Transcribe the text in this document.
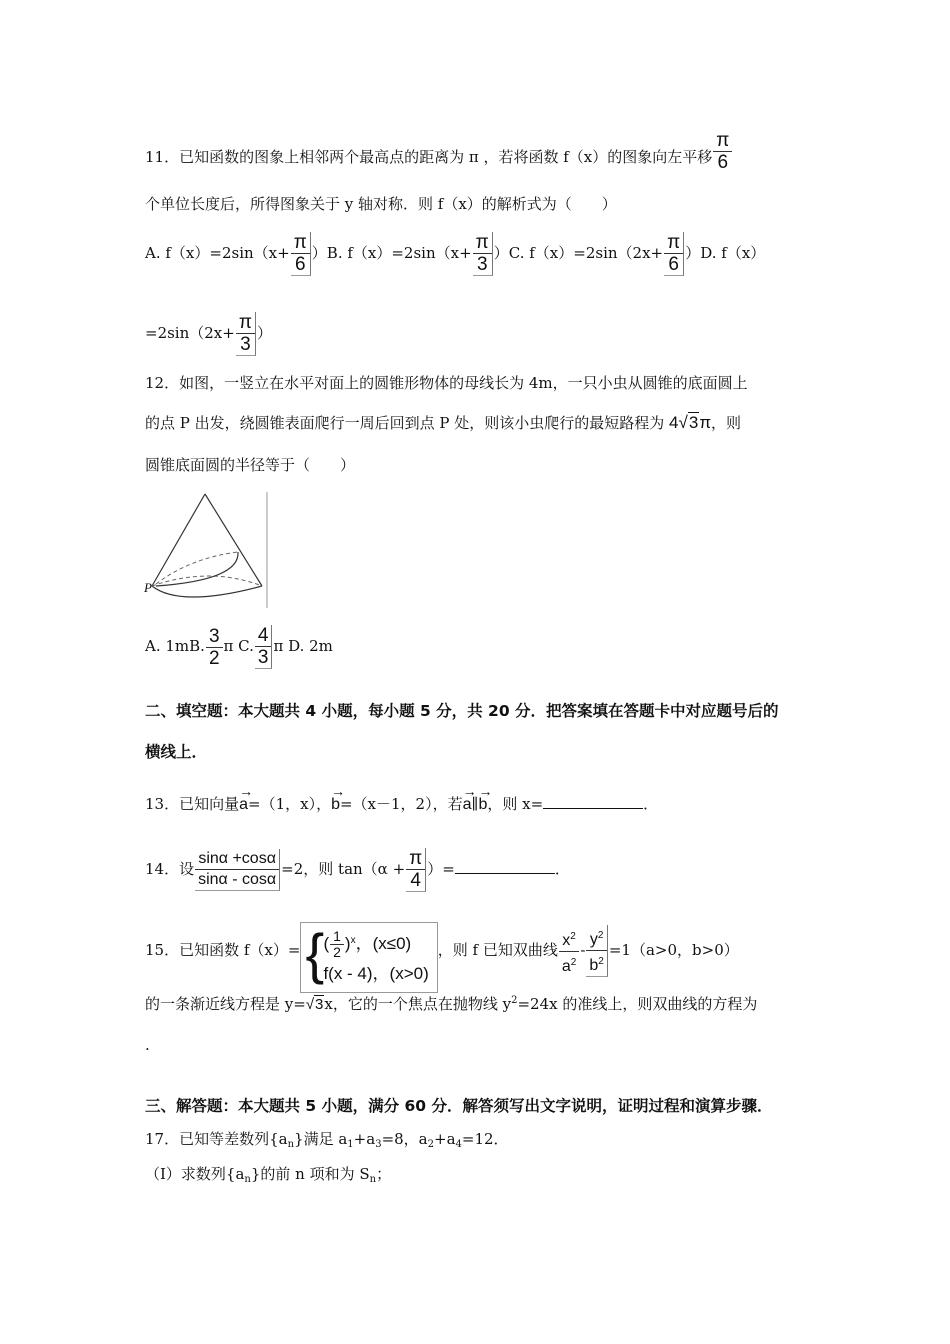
11．已知函数的图象上相邻两个最高点的距离为 π ，若将函数 f（x）的图象向左平移 $\frac{\pi}{6}$
个单位长度后，所得图象关于 y 轴对称．则 f（x）的解析式为（　　）
A. $f(x)=2\sin(x+ \frac{\pi}{6} )B$. $f(x)=2\sin(x+ \frac{\pi}{3} )C$. $f(x)=2\sin(2x+ \frac{\pi}{6} )D$. f（x）
$=2\sin(2x+ \frac{\pi}{3}$ ）
12．如图，一竖立在水平对面上的圆锥形物体的母线长为 4m，一只小虫从圆锥的底面圆上
的点 P 出发，绕圆锥表面爬行一周后回到点 P 处，则该小虫爬行的最短路程为 4√3π，则
圆锥底面圆的半径等于（　　）
P
A. 1mB. $\frac{3}{2}$ π C. $\frac{4}{3}$ π D. 2m
二、填空题：本大题共 4 小题，每小题 5 分，共 20 分．把答案填在答题卡中对应题号后的
横线上．
13．已知向量→ a=（1，x），→ b=（x－1，2），若→ a∥→ b，则 x=	．
14．设 $\frac{\sin\alpha +\cos\alpha}{\sin\alpha - \cos\alpha} =2$，则 $\tan(\alpha + \frac{\pi}{4}$ ）=	．
15．已知函数 f（x）= { ( $\frac{1}{2} )^x$，(x≤0)
f(x - 4)，(x>0)
，则 f 已知双曲线 $\frac{x^2}{a^2} - \frac{y^2}{b^2} =1(a>0$，b>0）
的一条渐近线方程是 y=√3x，它的一个焦点在抛物线 $y^2=24x$ 的准线上，则双曲线的方程为
.
三、解答题：本大题共 5 小题，满分 60 分．解答须写出文字说明，证明过程和演算步骤．
17．已知等差数列$\{a_n\}$满足 $a_1+a_3=8$，$a_2+a_4=12$．
（Ⅰ）求数列$\{a_n\}$的前 n 项和为 $S_n$；
